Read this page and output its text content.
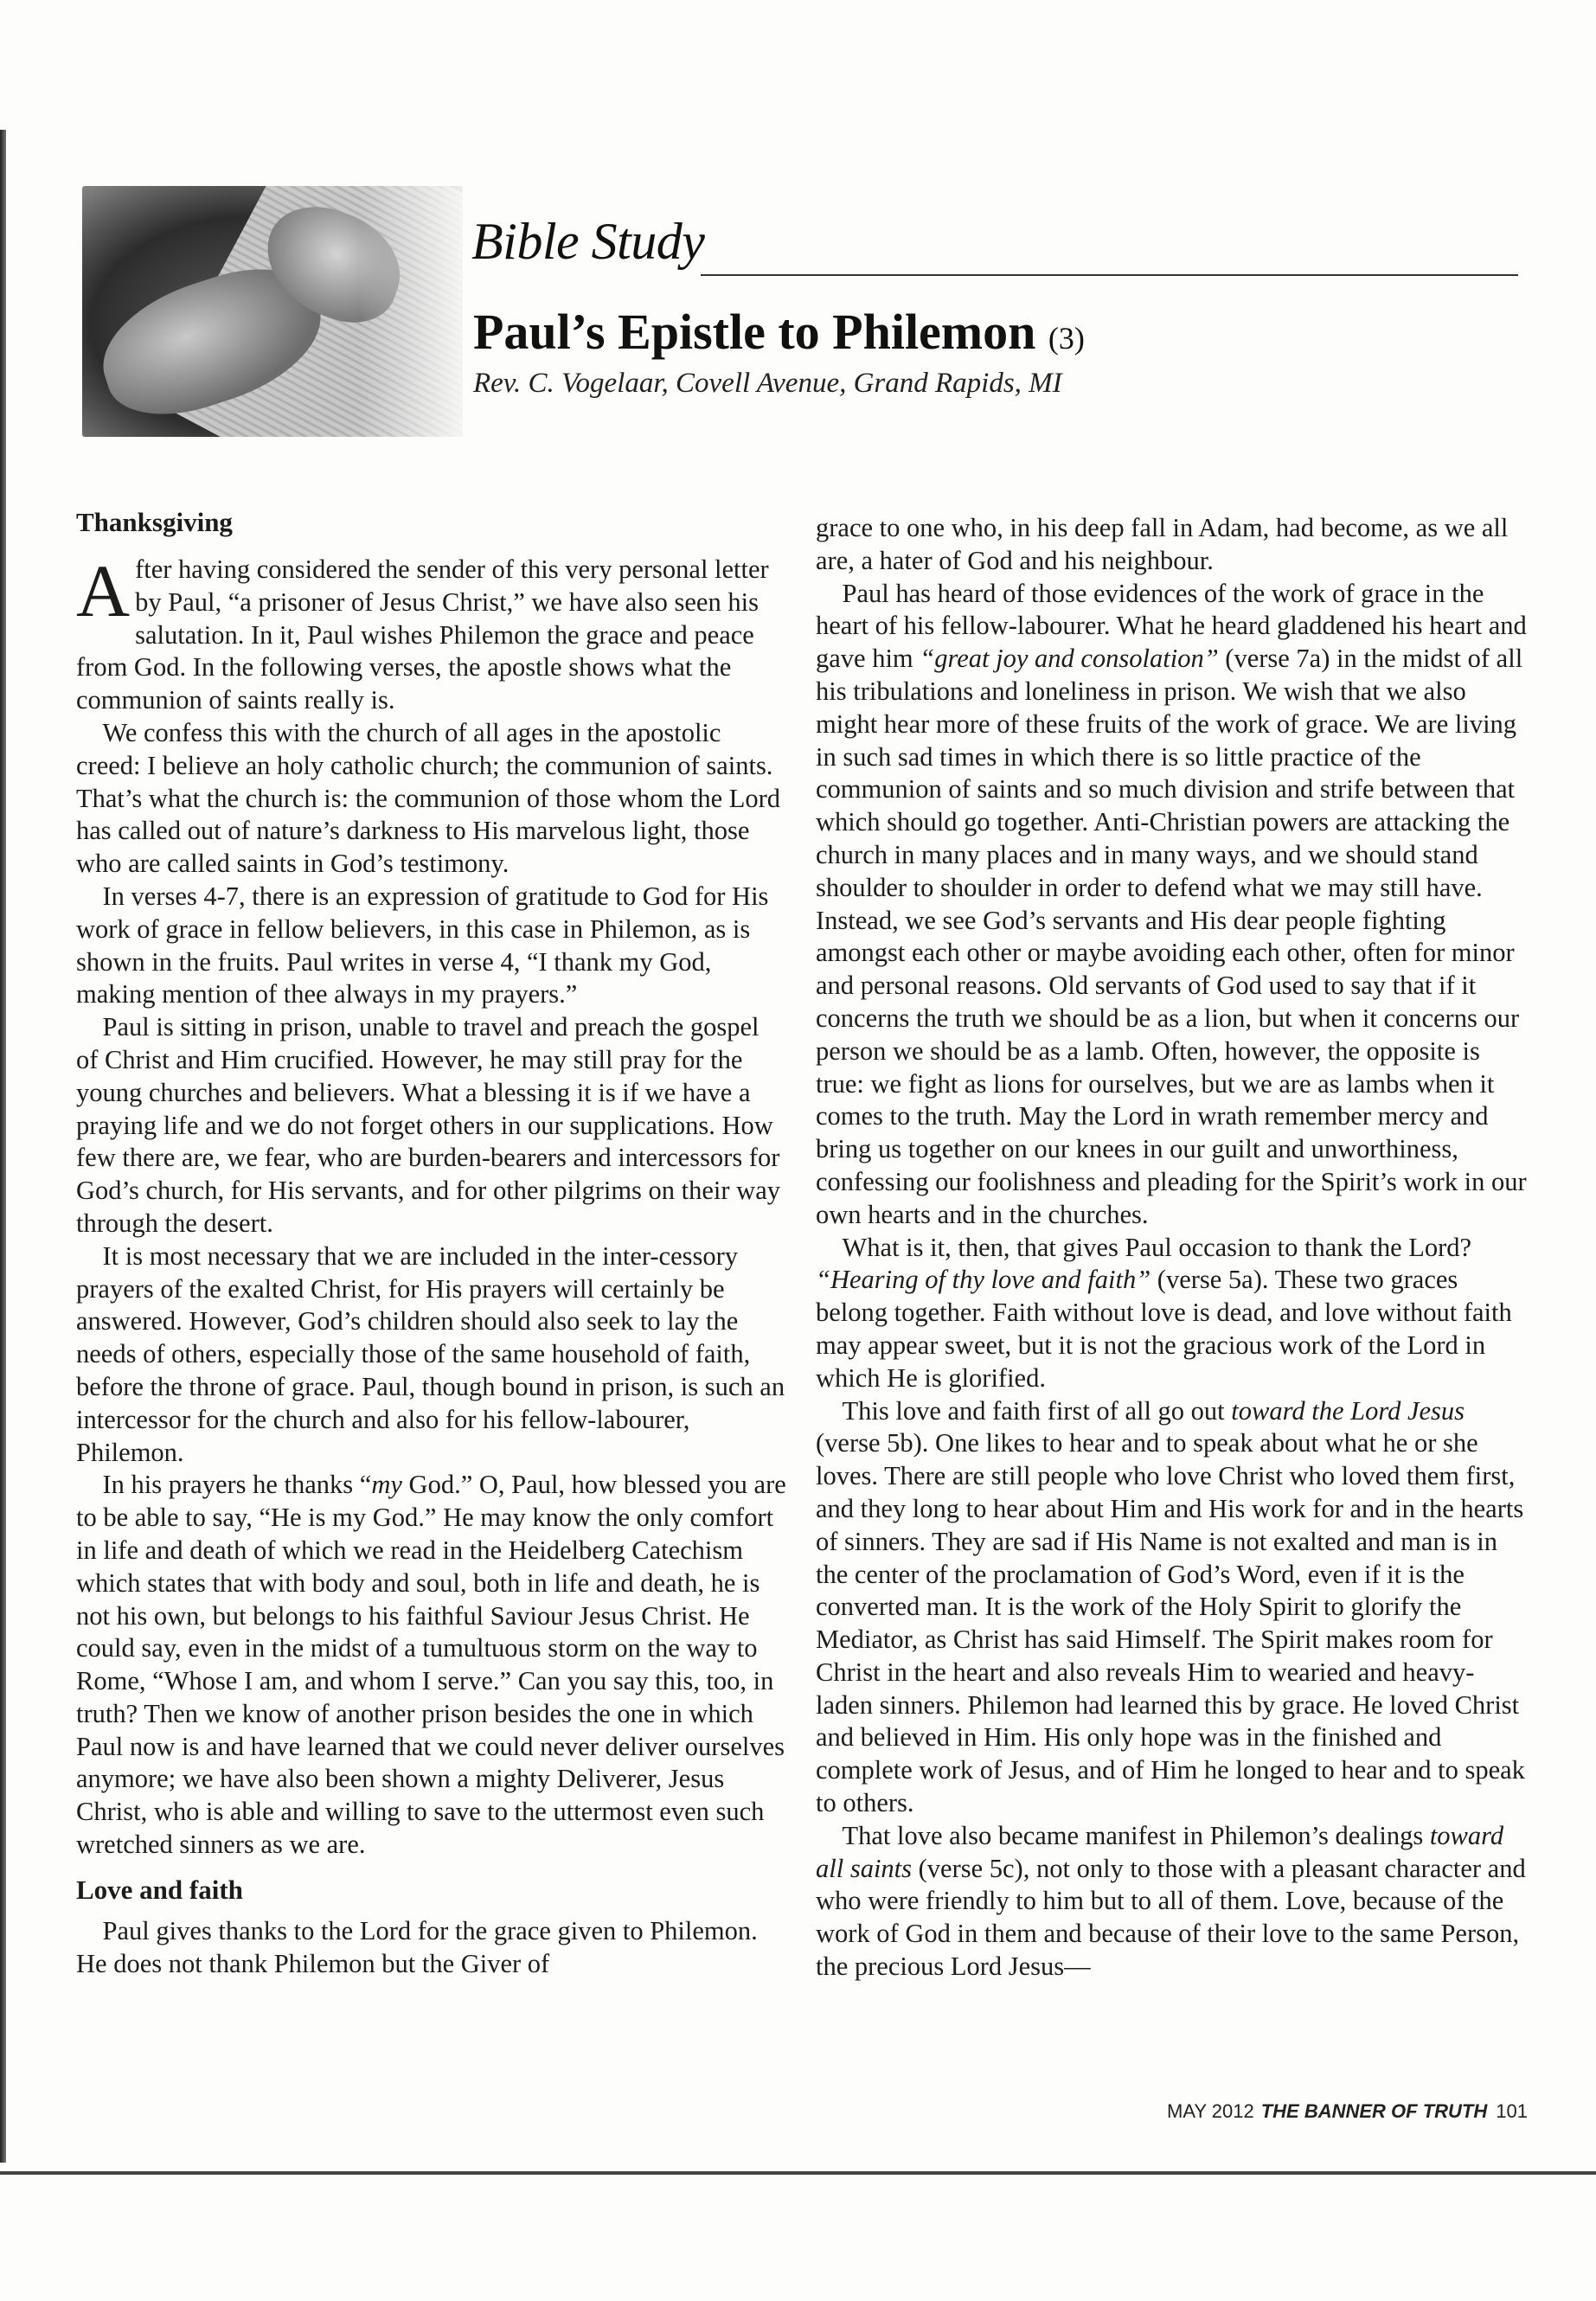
Bible Study
Paul’s Epistle to Philemon (3)
Rev. C. Vogelaar, Covell Avenue, Grand Rapids, MI
Thanksgiving

After having considered the sender of this very personal letter by Paul, “a prisoner of Jesus Christ,” we have also seen his salutation. In it, Paul wishes Philemon the grace and peace from God. In the following verses, the apostle shows what the communion of saints really is.

We confess this with the church of all ages in the apostolic creed: I believe an holy catholic church; the communion of saints. That’s what the church is: the communion of those whom the Lord has called out of nature’s darkness to His marvelous light, those who are called saints in God’s testimony.

In verses 4-7, there is an expression of gratitude to God for His work of grace in fellow believers, in this case in Philemon, as is shown in the fruits. Paul writes in verse 4, “I thank my God, making mention of thee always in my prayers.”

Paul is sitting in prison, unable to travel and preach the gospel of Christ and Him crucified. However, he may still pray for the young churches and believers. What a blessing it is if we have a praying life and we do not forget others in our supplications. How few there are, we fear, who are burden-bearers and intercessors for God’s church, for His servants, and for other pilgrims on their way through the desert.

It is most necessary that we are included in the inter-cessory prayers of the exalted Christ, for His prayers will certainly be answered. However, God’s children should also seek to lay the needs of others, especially those of the same household of faith, before the throne of grace. Paul, though bound in prison, is such an intercessor for the church and also for his fellow-labourer, Philemon.

In his prayers he thanks “my God.” O, Paul, how blessed you are to be able to say, “He is my God.” He may know the only comfort in life and death of which we read in the Heidelberg Catechism which states that with body and soul, both in life and death, he is not his own, but belongs to his faithful Saviour Jesus Christ. He could say, even in the midst of a tumultuous storm on the way to Rome, “Whose I am, and whom I serve.” Can you say this, too, in truth? Then we know of another prison besides the one in which Paul now is and have learned that we could never deliver ourselves anymore; we have also been shown a mighty Deliverer, Jesus Christ, who is able and willing to save to the uttermost even such wretched sinners as we are.

Love and faith

Paul gives thanks to the Lord for the grace given to Philemon. He does not thank Philemon but the Giver of

grace to one who, in his deep fall in Adam, had become, as we all are, a hater of God and his neighbour.

Paul has heard of those evidences of the work of grace in the heart of his fellow-labourer. What he heard gladdened his heart and gave him “great joy and consolation” (verse 7a) in the midst of all his tribulations and loneliness in prison. We wish that we also might hear more of these fruits of the work of grace. We are living in such sad times in which there is so little practice of the communion of saints and so much division and strife between that which should go together. Anti-Christian powers are attacking the church in many places and in many ways, and we should stand shoulder to shoulder in order to defend what we may still have. Instead, we see God’s servants and His dear people fighting amongst each other or maybe avoiding each other, often for minor and personal reasons. Old servants of God used to say that if it concerns the truth we should be as a lion, but when it concerns our person we should be as a lamb. Often, however, the opposite is true: we fight as lions for ourselves, but we are as lambs when it comes to the truth. May the Lord in wrath remember mercy and bring us together on our knees in our guilt and unworthiness, confessing our foolishness and pleading for the Spirit’s work in our own hearts and in the churches.

What is it, then, that gives Paul occasion to thank the Lord? “Hearing of thy love and faith” (verse 5a). These two graces belong together. Faith without love is dead, and love without faith may appear sweet, but it is not the gracious work of the Lord in which He is glorified.

This love and faith first of all go out toward the Lord Jesus (verse 5b). One likes to hear and to speak about what he or she loves. There are still people who love Christ who loved them first, and they long to hear about Him and His work for and in the hearts of sinners. They are sad if His Name is not exalted and man is in the center of the proclamation of God’s Word, even if it is the converted man. It is the work of the Holy Spirit to glorify the Mediator, as Christ has said Himself. The Spirit makes room for Christ in the heart and also reveals Him to wearied and heavy-laden sinners. Philemon had learned this by grace. He loved Christ and believed in Him. His only hope was in the finished and complete work of Jesus, and of Him he longed to hear and to speak to others.

That love also became manifest in Philemon’s dealings toward all saints (verse 5c), not only to those with a pleasant character and who were friendly to him but to all of them. Love, because of the work of God in them and because of their love to the same Person, the precious Lord Jesus—

MAY 2012 THE BANNER OF TRUTH 101
